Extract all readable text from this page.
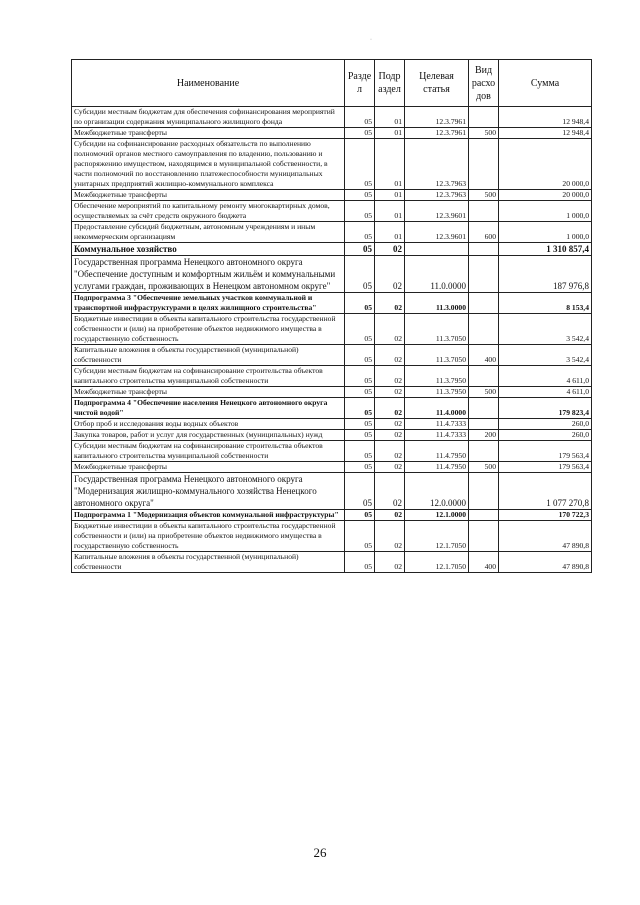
·
Наименование	Разде л	Подр аздел	Целевая статья	Вид расхо дов	Сумма
Субсидии местным бюджетам для обеспечения софинансирования мероприятий по организации содержания муниципального жилищного фонда	05	01	12.3.7961		12 948,4
Межбюджетные трансферты	05	01	12.3.7961	500	12 948,4
Субсидии на софинансирование расходных обязательств по выполнению полномочий органов местного самоуправления по владению, пользованию и распоряжению имуществом, находящимся в муниципальной собственности, в части полномочий по восстановлению платежеспособности муниципальных унитарных предприятий жилищно-коммунального комплекса	05	01	12.3.7963		20 000,0
Межбюджетные трансферты	05	01	12.3.7963	500	20 000,0
Обеспечение мероприятий по капитальному ремонту многоквартирных домов, осуществляемых за счёт средств окружного бюджета	05	01	12.3.9601		1 000,0
Предоставление субсидий бюджетным, автономным учреждениям и иным некоммерческим организациям	05	01	12.3.9601	600	1 000,0
Коммунальное хозяйство	05	02			1 310 857,4
Государственная программа Ненецкого автономного округа "Обеспечение доступным и комфортным жильём и коммунальными услугами граждан, проживающих в Ненецком автономном округе"	05	02	11.0.0000		187 976,8
Подпрограмма 3 "Обеспечение земельных участков коммунальной и транспортной инфраструктурами в целях жилищного строительства"	05	02	11.3.0000		8 153,4
Бюджетные инвестиции в объекты капитального строительства государственной собственности и (или) на приобретение объектов недвижимого имущества в государственную собственность	05	02	11.3.7050		3 542,4
Капитальные вложения в объекты государственной (муниципальной) собственности	05	02	11.3.7050	400	3 542,4
Субсидии местным бюджетам на софинансирование строительства объектов капитального строительства муниципальной собственности	05	02	11.3.7950		4 611,0
Межбюджетные трансферты	05	02	11.3.7950	500	4 611,0
Подпрограмма 4 "Обеспечение населения Ненецкого автономного округа чистой водой"	05	02	11.4.0000		179 823,4
Отбор проб и исследования воды водных объектов	05	02	11.4.7333		260,0
Закупка товаров, работ и услуг для государственных (муниципальных) нужд	05	02	11.4.7333	200	260,0
Субсидии местным бюджетам на софинансирование строительства объектов капитального строительства муниципальной собственности	05	02	11.4.7950		179 563,4
Межбюджетные трансферты	05	02	11.4.7950	500	179 563,4
Государственная программа Ненецкого автономного округа "Модернизация жилищно-коммунального хозяйства Ненецкого автономного округа"	05	02	12.0.0000		1 077 270,8
Подпрограмма 1 "Модернизация объектов коммунальной инфраструктуры"	05	02	12.1.0000		170 722,3
Бюджетные инвестиции в объекты капитального строительства государственной собственности и (или) на приобретение объектов недвижимого имущества в государственную собственность	05	02	12.1.7050		47 890,8
Капитальные вложения в объекты государственной (муниципальной) собственности	05	02	12.1.7050	400	47 890,8
26
